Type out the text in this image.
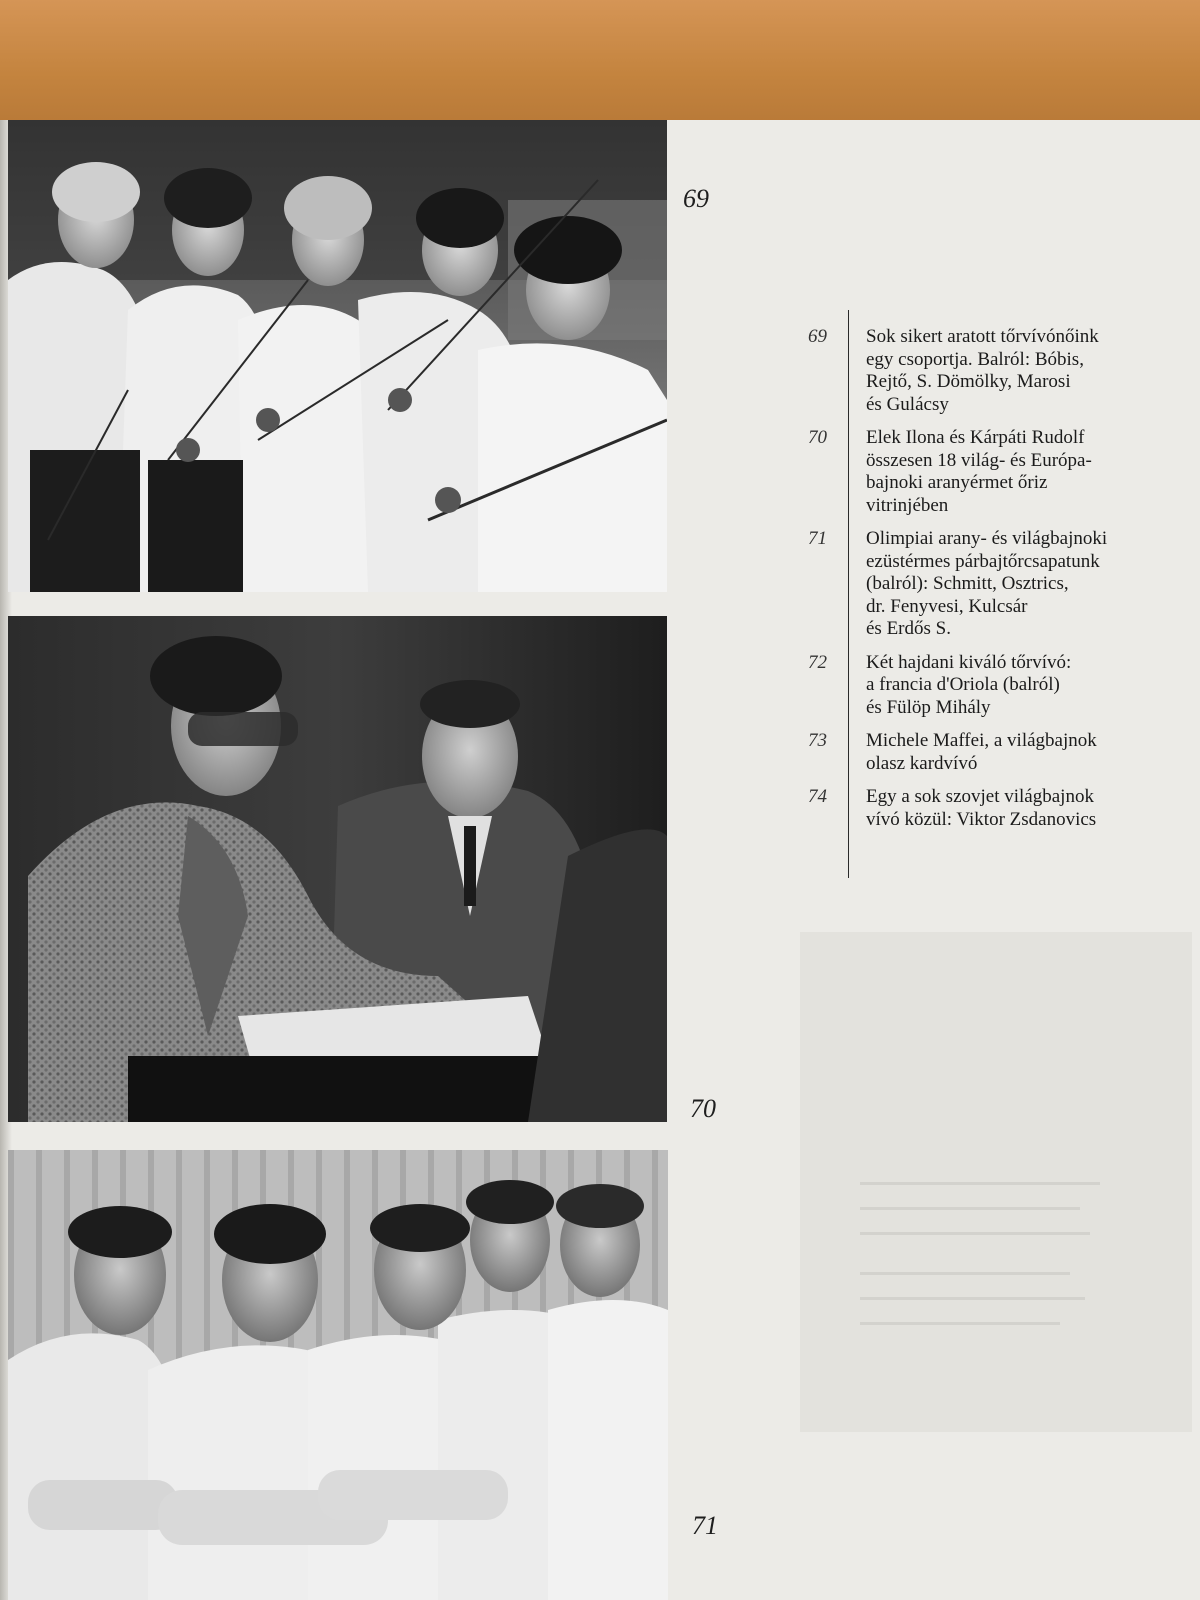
69
70
71
69 Sok sikert aratott tőrvívónőink
egy csoportja. Balról: Bóbis,
Rejtő, S. Dömölky, Marosi
és Gulácsy
70 Elek Ilona és Kárpáti Rudolf
összesen 18 világ- és Európa-
bajnoki aranyérmet őriz
vitrinjében
71 Olimpiai arany- és világbajnoki
ezüstérmes párbajtőrcsapatunk
(balról): Schmitt, Osztrics,
dr. Fenyvesi, Kulcsár
és Erdős S.
72 Két hajdani kiváló tőrvívó:
a francia d'Oriola (balról)
és Fülöp Mihály
73 Michele Maffei, a világbajnok
olasz kardvívó
74 Egy a sok szovjet világbajnok
vívó közül: Viktor Zsdanovics
